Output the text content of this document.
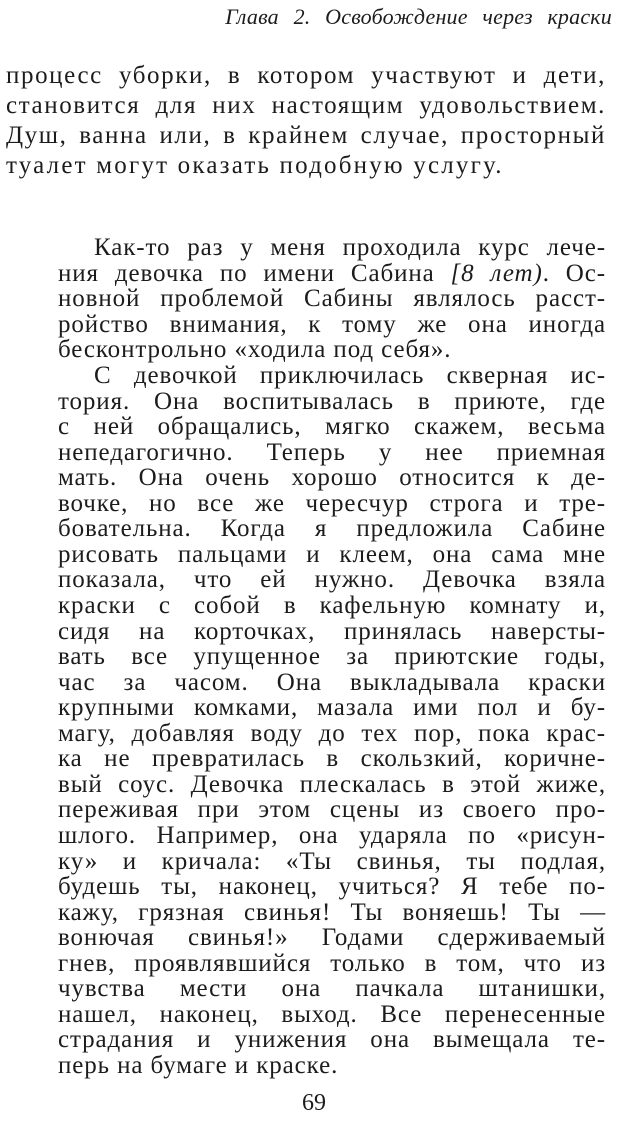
Глава 2. Освобождение через краски
процесс уборки, в котором участвуют и дети,
становится для них настоящим удовольствием.
Душ, ванна или, в крайнем случае, просторный
туалет могут оказать подобную услугу.
Как-то раз у меня проходила курс лече-
ния девочка по имени Сабина [8 лет). Ос-
новной проблемой Сабины являлось расст-
ройство внимания, к тому же она иногда
бесконтрольно «ходила под себя».
С девочкой приключилась скверная ис-
тория. Она воспитывалась в приюте, где
с ней обращались, мягко скажем, весьма
непедагогично. Теперь у нее приемная
мать. Она очень хорошо относится к де-
вочке, но все же чересчур строга и тре-
бовательна. Когда я предложила Сабине
рисовать пальцами и клеем, она сама мне
показала, что ей нужно. Девочка взяла
краски с собой в кафельную комнату и,
сидя на корточках, принялась наверсты-
вать все упущенное за приютские годы,
час за часом. Она выкладывала краски
крупными комками, мазала ими пол и бу-
магу, добавляя воду до тех пор, пока крас-
ка не превратилась в скользкий, коричне-
вый соус. Девочка плескалась в этой жиже,
переживая при этом сцены из своего про-
шлого. Например, она ударяла по «рисун-
ку» и кричала: «Ты свинья, ты подлая,
будешь ты, наконец, учиться? Я тебе по-
кажу, грязная свинья! Ты воняешь! Ты —
вонючая свинья!» Годами сдерживаемый
гнев, проявлявшийся только в том, что из
чувства мести она пачкала штанишки,
нашел, наконец, выход. Все перенесенные
страдания и унижения она вымещала те-
перь на бумаге и краске.
69
